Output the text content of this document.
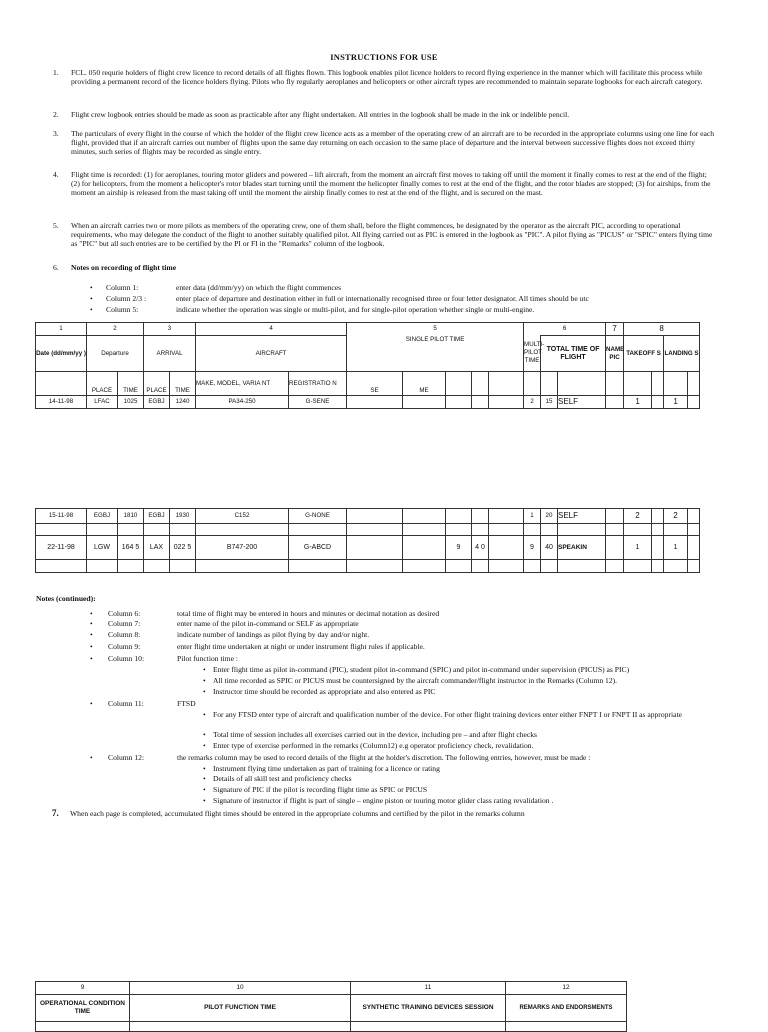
INSTRUCTIONS FOR USE
1. FCL. 050 requrie holders of flight crew licence to record details of all flights flown. This logbook enables pilot licence holders to record flying experience in the manner which will facilitate this process while providing a permanent record of the licence holders flying. Pilots who fly regularly aeroplanes and helicopters or other aircraft types are recommended to maintain separate logbooks for each aircraft category.
2. Flight crew logbook entries should be made as soon as practicable after any flight undertaken. All entries in the logbook shall be made in the ink or indelible pencil.
3. The particulars of every flight in the course of which the holder of the flight crew licence acts as a member of the operating crew of an aircraft are to be recorded in the appropriate columns using one line for each flight, provided that if an aircraft carries out number of flights upon the same day returning on each occasion to the same place of departure and the interval between successive flights does not exceed thirty minutes, such series of flights may be recorded as single entry.
4. Flight time is recorded: (1) for aeroplanes, touring motor gliders and powered – lift aircraft, from the moment an aircraft first moves to taking off until the moment it finally comes to rest at the end of the flight; (2) for helicopters, from the moment a helicopter's rotor blades start turning until the moment the helicopter finally comes to rest at the end of the flight, and the rotor blades are stopped; (3) for airships, from the moment an airship is released from the mast taking off until the moment the airship finally comes to rest at the end of the flight, and is secured on the mast.
5. When an aircraft carries two or more pilots as members of the operating crew, one of them shall, before the flight commences, be designated by the operator as the aircraft PIC, according to operational requirements, who may delegate the conduct of the flight to another suitably qualified pilot. All flying carried out as PIC is entered in the logbook as "PIC". A pilot flying as "PICUS" or "SPIC" enters flying time as "PIC" but all such entries are to be certified by the PI or FI in the "Remarks" column of the logbook.
6. Notes on recording of flight time
• Column 1:	enter data (dd/mm/yy) on which the flight commences
• Column 2/3 :	enter place of departure and destination either in full or internationally recognised three or four letter designator. All times should be utc
• Column 5:	indicate whether the operation was single or multi-pilot, and for single-pilot operation whether single or multi-engine.
1	2		3		4		5					6			7	8			
Date (dd/mm/yy )	Departure		ARRIVAL		AIRCRAFT		SINGLE PILOT TIME					MULTI-PILOT TIME	TOTAL TIME OF FLIGHT		NAME PIC	TAKEOFF S		LANDING S	
	PLACE	TIME	PLACE	TIME	MAKE, MODEL, VARIA NT	REGISTRATIO N	SE	ME											
14-11-98	LFAC	1025	EGBJ	1240	PA34-250	G-SENE						2	15	SELF		1		1	
15-11-98	EGBJ	1810	EGBJ	1930	C152	G-NONE						1	20	SELF		2		2	

22-11-98	LGW	164 5	LAX	022 5	B747-200	G-ABCD			9	4 0		9	40	SPEAKIN		1		1	

Notes (continued):
• Column 6:	total time of flight may be entered in hours and minutes or decimal notation as desired
• Column 7:	enter name of the pilot in-command or SELF as appropriate
• Column 8:	indicate number of landings as pilot flying by day and/or night.
• Column 9:	enter flight time undertaken at night or under instrument flight rules if applicable.
• Column 10:	Pilot function time :
• Enter flight time as pilot in-command (PIC), student pilot in-command (SPIC) and pilot in-command under supervision (PICUS) as PIC)
• All time recorded as SPIC or PICUS must be countersigned by the aircraft commander/flight instructor in the Remarks (Column 12).
• Instructor time should be recorded as appropriate and also entered as PIC
• Column 11:	FTSD
• For any FTSD enter type of aircraft and qualification number of the device. For other flight training devices enter either FNPT I or FNPT II as appropriate
• Total time of session includes all exercises carried out in the device, including pre – and after flight checks
• Enter type of exercise performed in the remarks (Column12) e.g operator proficiency check, revalidation.
• Column 12:	the remarks column may be used to record details of the flight at the holder's discretion. The following entries, however, must be made :
• Instrument flying time undertaken as part of training for a licence or rating
• Details of all skill test and proficiency checks
• Signature of PIC if the pilot is recording flight time as SPIC or PICUS
• Signature of instructor if flight is part of single – engine piston or touring motor glider class rating revalidation .
7. When each page is completed, accumulated flight times should be entered in the appropriate columns and certified by the pilot in the remarks column
9	10	11	12
OPERATIONAL CONDITION TIME	PILOT FUNCTION TIME	SYNTHETIC TRAINING DEVICES SESSION	REMARKS AND ENDORSMENTS
